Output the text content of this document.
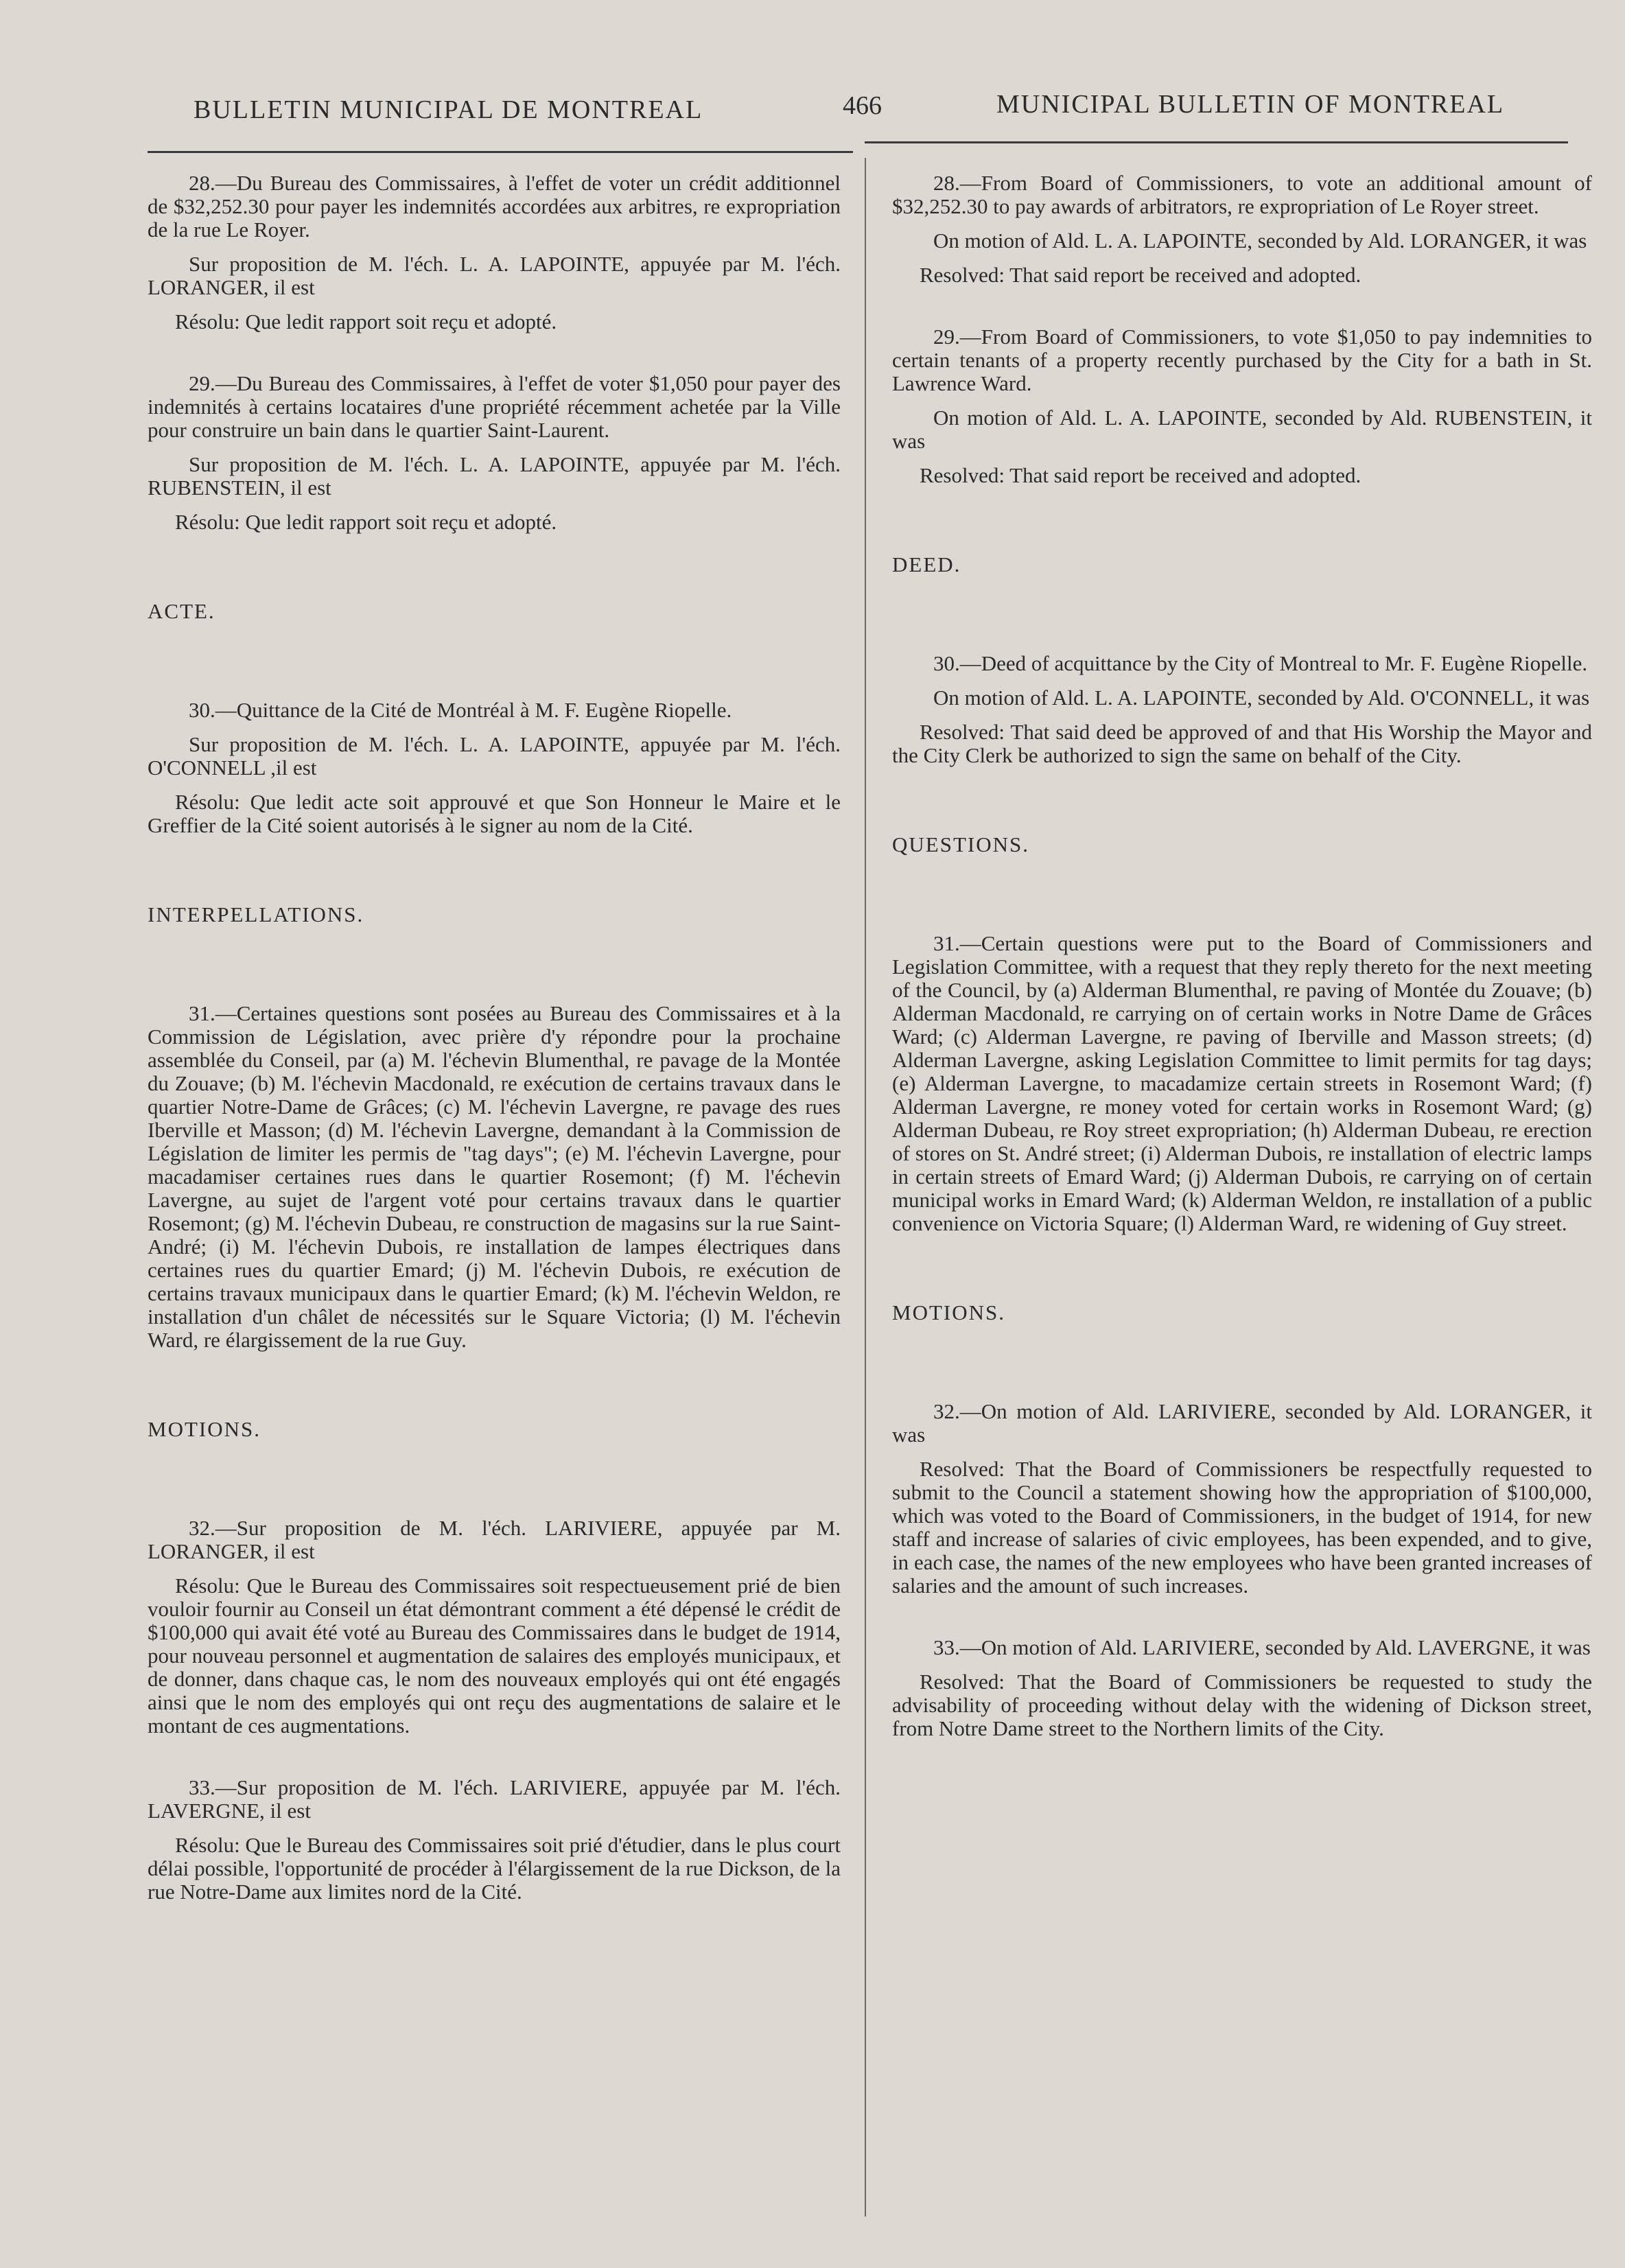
BULLETIN MUNICIPAL DE MONTREAL	466	MUNICIPAL BULLETIN OF MONTREAL

28.—Du Bureau des Commissaires, à l'effet de voter un crédit additionnel de $32,252.30 pour payer les indemnités accordées aux arbitres, re expropriation de la rue Le Royer.

Sur proposition de M. l'éch. L. A. LAPOINTE, appuyée par M. l'éch. LORANGER, il est

Résolu: Que ledit rapport soit reçu et adopté.

29.—Du Bureau des Commissaires, à l'effet de voter $1,050 pour payer des indemnités à certains locataires d'une propriété récemment achetée par la Ville pour construire un bain dans le quartier Saint-Laurent.

Sur proposition de M. l'éch. L. A. LAPOINTE, appuyée par M. l'éch. RUBENSTEIN, il est

Résolu: Que ledit rapport soit reçu et adopté.

ACTE.

30.—Quittance de la Cité de Montréal à M. F. Eugène Riopelle.

Sur proposition de M. l'éch. L. A. LAPOINTE, appuyée par M. l'éch. O'CONNELL ,il est

Résolu: Que ledit acte soit approuvé et que Son Honneur le Maire et le Greffier de la Cité soient autorisés à le signer au nom de la Cité.

INTERPELLATIONS.

31.—Certaines questions sont posées au Bureau des Commissaires et à la Commission de Législation, avec prière d'y répondre pour la prochaine assemblée du Conseil, par (a) M. l'échevin Blumenthal, re pavage de la Montée du Zouave; (b) M. l'échevin Macdonald, re exécution de certains travaux dans le quartier Notre-Dame de Grâces; (c) M. l'échevin Lavergne, re pavage des rues Iberville et Masson; (d) M. l'échevin Lavergne, demandant à la Commission de Législation de limiter les permis de "tag days"; (e) M. l'échevin Lavergne, pour macadamiser certaines rues dans le quartier Rosemont; (f) M. l'échevin Lavergne, au sujet de l'argent voté pour certains travaux dans le quartier Rosemont; (g) M. l'échevin Dubeau, re construction de magasins sur la rue Saint-André; (i) M. l'échevin Dubois, re installation de lampes électriques dans certaines rues du quartier Emard; (j) M. l'échevin Dubois, re exécution de certains travaux municipaux dans le quartier Emard; (k) M. l'échevin Weldon, re installation d'un châlet de nécessités sur le Square Victoria; (l) M. l'échevin Ward, re élargissement de la rue Guy.

MOTIONS.

32.—Sur proposition de M. l'éch. LARIVIERE, appuyée par M. LORANGER, il est

Résolu: Que le Bureau des Commissaires soit respectueusement prié de bien vouloir fournir au Conseil un état démontrant comment a été dépensé le crédit de $100,000 qui avait été voté au Bureau des Commissaires dans le budget de 1914, pour nouveau personnel et augmentation de salaires des employés municipaux, et de donner, dans chaque cas, le nom des nouveaux employés qui ont été engagés ainsi que le nom des employés qui ont reçu des augmentations de salaire et le montant de ces augmentations.

33.—Sur proposition de M. l'éch. LARIVIERE, appuyée par M. l'éch. LAVERGNE, il est

Résolu: Que le Bureau des Commissaires soit prié d'étudier, dans le plus court délai possible, l'opportunité de procéder à l'élargissement de la rue Dickson, de la rue Notre-Dame aux limites nord de la Cité.

28.—From Board of Commissioners, to vote an additional amount of $32,252.30 to pay awards of arbitrators, re expropriation of Le Royer street.

On motion of Ald. L. A. LAPOINTE, seconded by Ald. LORANGER, it was

Resolved: That said report be received and adopted.

29.—From Board of Commissioners, to vote $1,050 to pay indemnities to certain tenants of a property recently purchased by the City for a bath in St. Lawrence Ward.

On motion of Ald. L. A. LAPOINTE, seconded by Ald. RUBENSTEIN, it was

Resolved: That said report be received and adopted.

DEED.

30.—Deed of acquittance by the City of Montreal to Mr. F. Eugène Riopelle.

On motion of Ald. L. A. LAPOINTE, seconded by Ald. O'CONNELL, it was

Resolved: That said deed be approved of and that His Worship the Mayor and the City Clerk be authorized to sign the same on behalf of the City.

QUESTIONS.

31.—Certain questions were put to the Board of Commissioners and Legislation Committee, with a request that they reply thereto for the next meeting of the Council, by (a) Alderman Blumenthal, re paving of Montée du Zouave; (b) Alderman Macdonald, re carrying on of certain works in Notre Dame de Grâces Ward; (c) Alderman Lavergne, re paving of Iberville and Masson streets; (d) Alderman Lavergne, asking Legislation Committee to limit permits for tag days; (e) Alderman Lavergne, to macadamize certain streets in Rosemont Ward; (f) Alderman Lavergne, re money voted for certain works in Rosemont Ward; (g) Alderman Dubeau, re Roy street expropriation; (h) Alderman Dubeau, re erection of stores on St. André street; (i) Alderman Dubois, re installation of electric lamps in certain streets of Emard Ward; (j) Alderman Dubois, re carrying on of certain municipal works in Emard Ward; (k) Alderman Weldon, re installation of a public convenience on Victoria Square; (l) Alderman Ward, re widening of Guy street.

MOTIONS.

32.—On motion of Ald. LARIVIERE, seconded by Ald. LORANGER, it was

Resolved: That the Board of Commissioners be respectfully requested to submit to the Council a statement showing how the appropriation of $100,000, which was voted to the Board of Commissioners, in the budget of 1914, for new staff and increase of salaries of civic employees, has been expended, and to give, in each case, the names of the new employees who have been granted increases of salaries and the amount of such increases.

33.—On motion of Ald. LARIVIERE, seconded by Ald. LAVERGNE, it was

Resolved: That the Board of Commissioners be requested to study the advisability of proceeding without delay with the widening of Dickson street, from Notre Dame street to the Northern limits of the City.
